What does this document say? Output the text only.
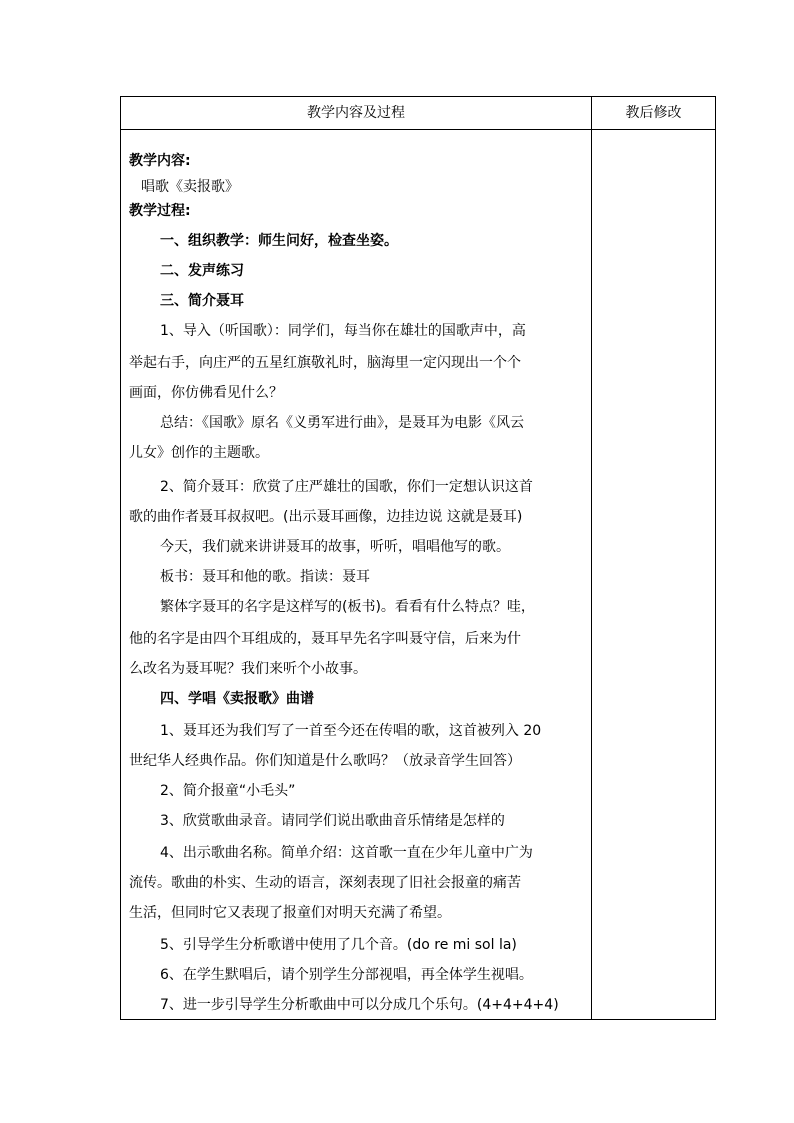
教学内容及过程	教后修改
教学内容:
唱歌《卖报歌》
教学过程:
一、组织教学：师生问好，检查坐姿。
二、发声练习
三、简介聂耳
1、导入（听国歌）：同学们，每当你在雄壮的国歌声中，高
举起右手，向庄严的五星红旗敬礼时，脑海里一定闪现出一个个
画面，你仿佛看见什么？
总结：《国歌》原名《义勇军进行曲》，是聂耳为电影《风云
儿女》创作的主题歌。
2、简介聂耳：欣赏了庄严雄壮的国歌，你们一定想认识这首
歌的曲作者聂耳叔叔吧。(出示聂耳画像，边挂边说 这就是聂耳)
今天，我们就来讲讲聂耳的故事，听听，唱唱他写的歌。
板书：聂耳和他的歌。指读：聂耳
繁体字聂耳的名字是这样写的(板书)。看看有什么特点？哇，
他的名字是由四个耳组成的，聂耳早先名字叫聂守信，后来为什
么改名为聂耳呢？我们来听个小故事。
四、学唱《卖报歌》曲谱
1、聂耳还为我们写了一首至今还在传唱的歌，这首被列入 20
世纪华人经典作品。你们知道是什么歌吗？（放录音学生回答）
2、简介报童“小毛头”
3、欣赏歌曲录音。请同学们说出歌曲音乐情绪是怎样的
4、出示歌曲名称。简单介绍：这首歌一直在少年儿童中广为
流传。歌曲的朴实、生动的语言，深刻表现了旧社会报童的痛苦
生活，但同时它又表现了报童们对明天充满了希望。
5、引导学生分析歌谱中使用了几个音。(do re mi sol la)
6、在学生默唱后，请个别学生分部视唱，再全体学生视唱。
7、进一步引导学生分析歌曲中可以分成几个乐句。(4+4+4+4)
